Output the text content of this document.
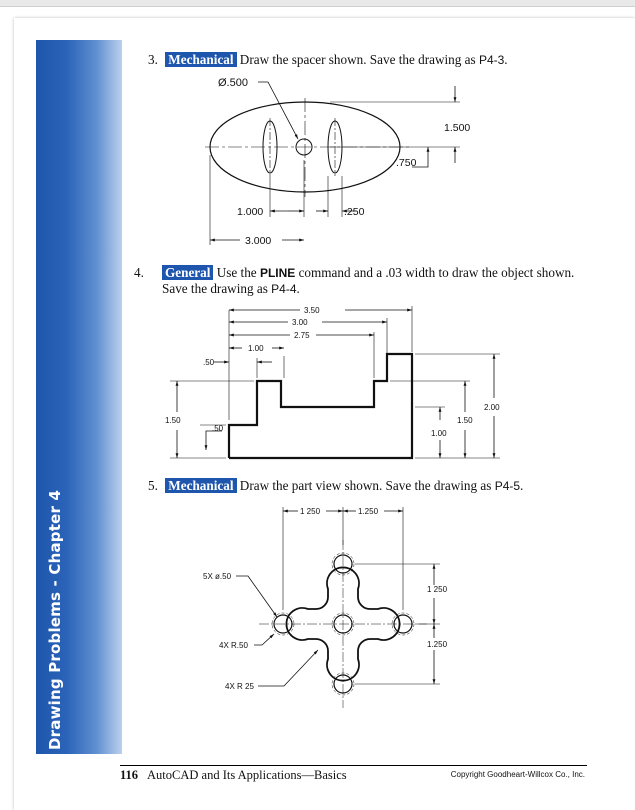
Drawing Problems - Chapter 4
3. Mechanical Draw the spacer shown. Save the drawing as P4-3.
4. General Use the PLINE command and a .03 width to draw the object shown. Save the drawing as P4-4.
5. Mechanical Draw the part view shown. Save the drawing as P4-5.
Ø.500
1.500
.750
1.000	.250
3.000
3.50
3.00
2.75
1.00
.50
1.50
.50
1.00
1.50
2.00
1 250	1.250
5X ø.50
1 250
1.250
4X R.50
4X R 25
116 AutoCAD and Its Applications—Basics	Copyright Goodheart-Willcox Co., Inc.
